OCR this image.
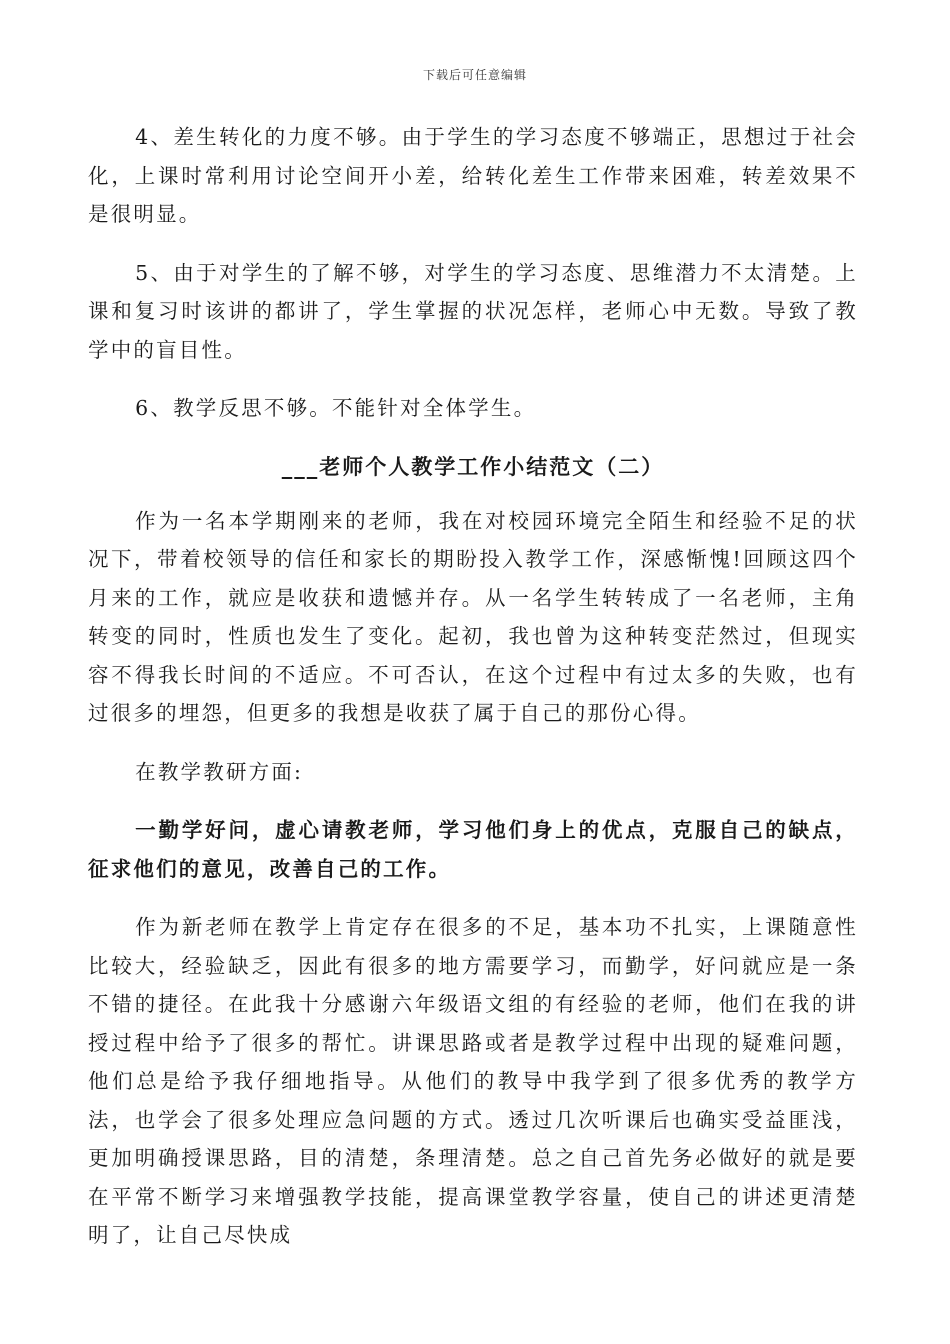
下载后可任意编辑

4、差生转化的力度不够。由于学生的学习态度不够端正，思想过于社会化，上课时常利用讨论空间开小差，给转化差生工作带来困难，转差效果不是很明显。

5、由于对学生的了解不够，对学生的学习态度、思维潜力不太清楚。上课和复习时该讲的都讲了，学生掌握的状况怎样，老师心中无数。导致了教学中的盲目性。

6、教学反思不够。不能针对全体学生。

___老师个人教学工作小结范文（二）

作为一名本学期刚来的老师，我在对校园环境完全陌生和经验不足的状况下，带着校领导的信任和家长的期盼投入教学工作，深感惭愧!回顾这四个月来的工作，就应是收获和遗憾并存。从一名学生转转成了一名老师，主角转变的同时，性质也发生了变化。起初，我也曾为这种转变茫然过，但现实容不得我长时间的不适应。不可否认，在这个过程中有过太多的失败，也有过很多的埋怨，但更多的我想是收获了属于自己的那份心得。

在教学教研方面:

一勤学好问，虚心请教老师，学习他们身上的优点，克服自己的缺点，征求他们的意见，改善自己的工作。

作为新老师在教学上肯定存在很多的不足，基本功不扎实，上课随意性比较大，经验缺乏，因此有很多的地方需要学习，而勤学，好问就应是一条不错的捷径。在此我十分感谢六年级语文组的有经验的老师，他们在我的讲授过程中给予了很多的帮忙。讲课思路或者是教学过程中出现的疑难问题，他们总是给予我仔细地指导。从他们的教导中我学到了很多优秀的教学方法，也学会了很多处理应急问题的方式。透过几次听课后也确实受益匪浅，更加明确授课思路，目的清楚，条理清楚。总之自己首先务必做好的就是要在平常不断学习来增强教学技能，提高课堂教学容量，使自己的讲述更清楚明了，让自己尽快成
